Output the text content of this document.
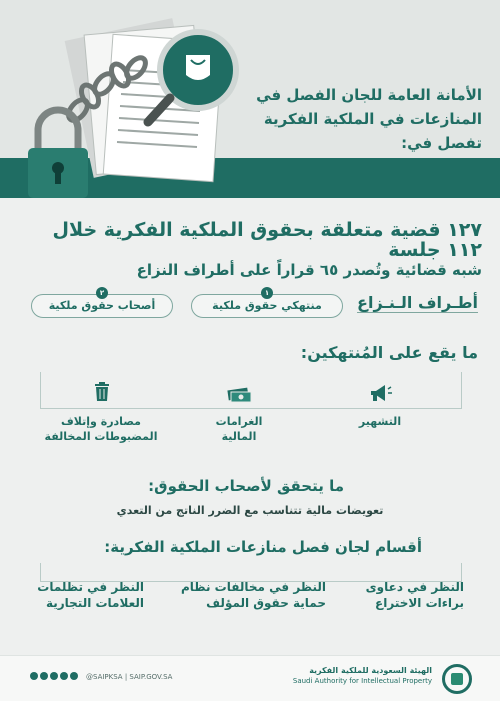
الأمانة العامة للجان الفصل في
المنازعات في الملكية الفكرية
تفصل في:
١٢٧ قضية متعلقة بحقوق الملكية الفكرية خلال ١١٢ جلسة
شبه قضائية وتُصدر ٦٥ قراراً على أطراف النزاع
أطـراف الـنـزاع
١
منتهكي حقوق ملكية
٢
أصحاب حقوق ملكية
ما يقع على المُنتهكين:
التشهير
الغرامات
المالية
مصادرة وإتلاف
المضبوطات المخالفة
ما يتحقق لأصحاب الحقوق:
تعويضات مالية تتناسب مع الضرر الناتج من التعدي
أقسام لجان فصل منازعات الملكية الفكرية:
النظر في دعاوى
براءات الاختراع
النظر في مخالفات نظام
حماية حقوق المؤلف
النظر في تظلمات
العلامات التجارية
الهيئة السعودية للملكية الفكرية
Saudi Authority for Intellectual Property
@SAIPKSA | SAIP.GOV.SA
